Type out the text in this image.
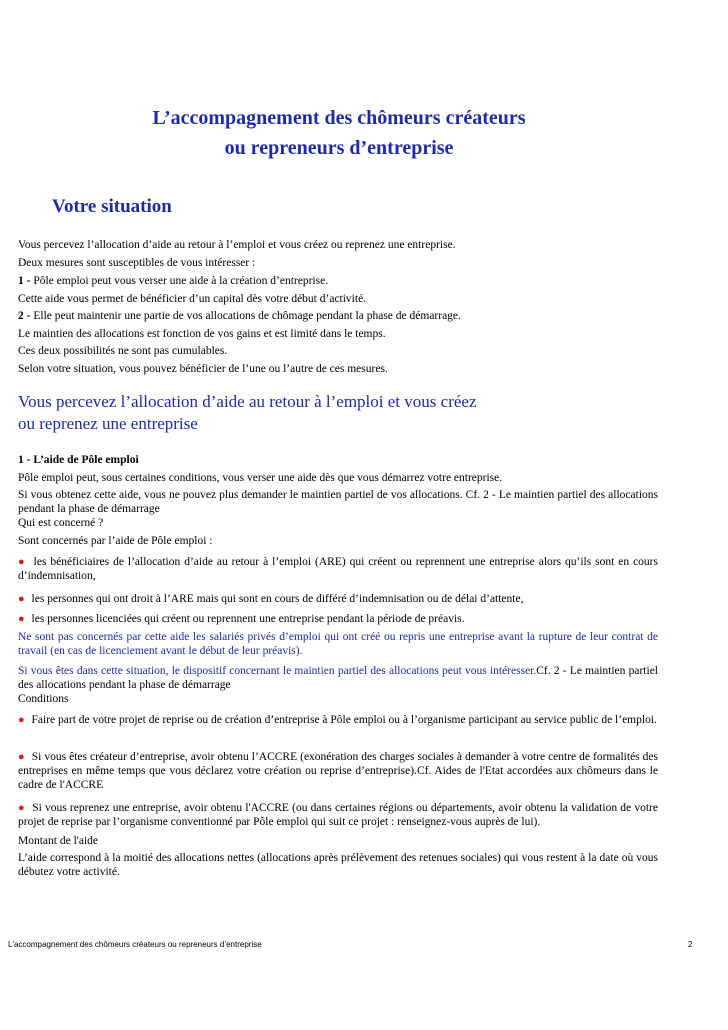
L’accompagnement des chômeurs créateurs
ou repreneurs d’entreprise
Votre situation
Vous percevez l’allocation d’aide au retour à l’emploi et vous créez ou reprenez une entreprise.
Deux mesures sont susceptibles de vous intéresser :
1 - Pôle emploi peut vous verser une aide à la création d’entreprise.
Cette aide vous permet de bénéficier d’un capital dès votre début d’activité.
2 - Elle peut maintenir une partie de vos allocations de chômage pendant la phase de démarrage.
Le maintien des allocations est fonction de vos gains et est limité dans le temps.
Ces deux possibilités ne sont pas cumulables.
Selon votre situation, vous pouvez bénéficier de l’une ou l’autre de ces mesures.
Vous percevez l’allocation d’aide au retour à l’emploi et vous créez
ou reprenez une entreprise
1 - L’aide de Pôle emploi
Pôle emploi peut, sous certaines conditions, vous verser une aide dès que vous démarrez votre entreprise.
Si vous obtenez cette aide, vous ne pouvez plus demander le maintien partiel de vos allocations. Cf. 2 - Le maintien partiel des allocations pendant la phase de démarrage
Qui est concerné ?
Sont concernés par l’aide de Pôle emploi :
● les bénéficiaires de l’allocation d’aide au retour à l’emploi (ARE) qui créent ou reprennent une entreprise alors qu’ils sont en cours d’indemnisation,
● les personnes qui ont droit à l’ARE mais qui sont en cours de différé d’indemnisation ou de délai d’attente,
● les personnes licenciées qui créent ou reprennent une entreprise pendant la période de préavis.
Ne sont pas concernés par cette aide les salariés privés d’emploi qui ont créé ou repris une entreprise avant la rupture de leur contrat de travail (en cas de licenciement avant le début de leur préavis).
Si vous êtes dans cette situation, le dispositif concernant le maintien partiel des allocations peut vous intéresser.Cf. 2 - Le maintien partiel des allocations pendant la phase de démarrage
Conditions
● Faire part de votre projet de reprise ou de création d’entreprise à Pôle emploi ou à l’organisme participant au service public de l’emploi.
● Si vous êtes créateur d’entreprise, avoir obtenu l’ACCRE (exonération des charges sociales à demander à votre centre de formalités des entreprises en même temps que vous déclarez votre création ou reprise d’entreprise).Cf. Aides de l'Etat accordées aux chômeurs dans le cadre de l'ACCRE
● Si vous reprenez une entreprise, avoir obtenu l'ACCRE (ou dans certaines régions ou départements, avoir obtenu la validation de votre projet de reprise par l’organisme conventionné par Pôle emploi qui suit ce projet : renseignez-vous auprès de lui).
Montant de l'aide
L’aide correspond à la moitié des allocations nettes (allocations après prélèvement des retenues sociales) qui vous restent à la date où vous débutez votre activité.
L'accompagnement des chômeurs créateurs ou repreneurs d’entreprise	2
